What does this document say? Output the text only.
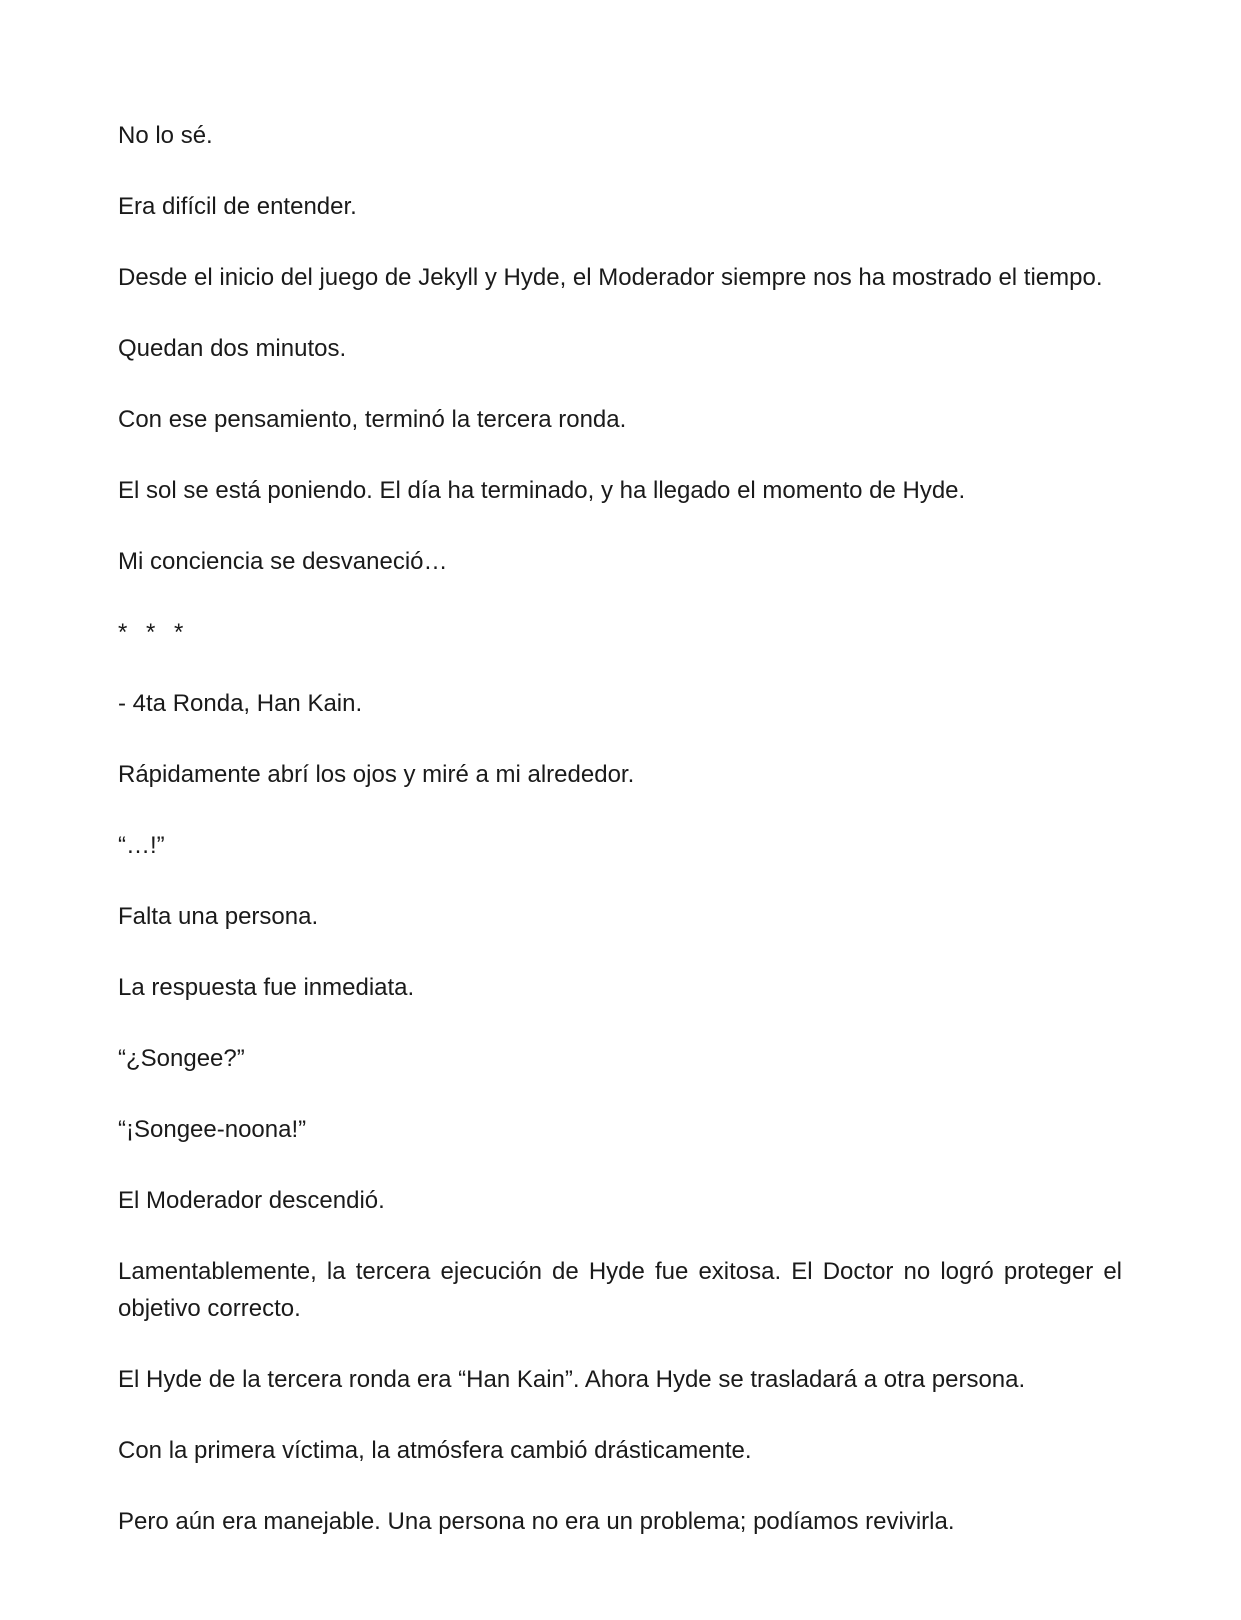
No lo sé.

Era difícil de entender.

Desde el inicio del juego de Jekyll y Hyde, el Moderador siempre nos ha mostrado el tiempo.

Quedan dos minutos.

Con ese pensamiento, terminó la tercera ronda.

El sol se está poniendo. El día ha terminado, y ha llegado el momento de Hyde.

Mi conciencia se desvaneció…

* * *

- 4ta Ronda, Han Kain.

Rápidamente abrí los ojos y miré a mi alrededor.

“…!”

Falta una persona.

La respuesta fue inmediata.

“¿Songee?”

“¡Songee-noona!”

El Moderador descendió.

Lamentablemente, la tercera ejecución de Hyde fue exitosa. El Doctor no logró proteger el objetivo correcto.

El Hyde de la tercera ronda era “Han Kain”. Ahora Hyde se trasladará a otra persona.

Con la primera víctima, la atmósfera cambió drásticamente.

Pero aún era manejable. Una persona no era un problema; podíamos revivirla.
